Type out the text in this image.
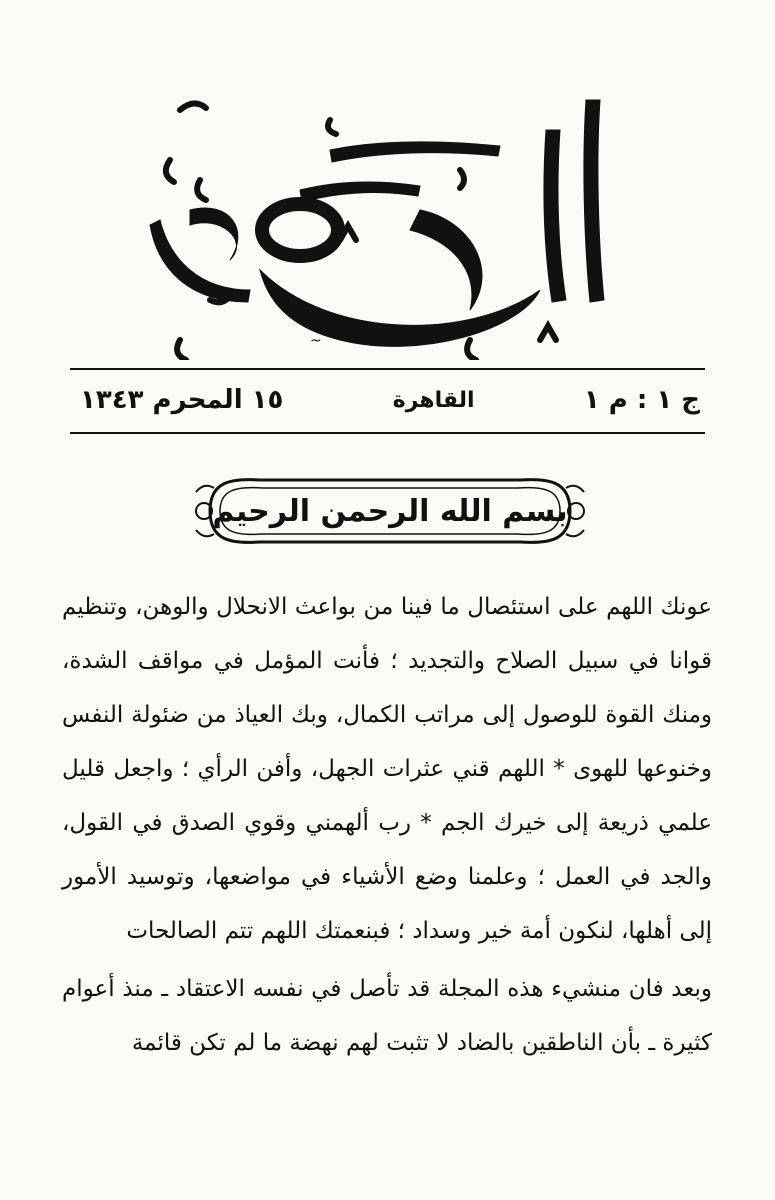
~
ج ١ : م ١
القاهرة
١٥ المحرم ١٣٤٣
بسم الله الرحمن الرحيم

عونك اللهم على استئصال ما فينا من بواعث الانحلال والوهن، وتنظيم قوانا في سبيل الصلاح والتجديد ؛ فأنت المؤمل في مواقف الشدة، ومنك القوة للوصول إلى مراتب الكمال، وبك العياذ من ضئولة النفس وخنوعها للهوى * اللهم قني عثرات الجهل، وأفن الرأي ؛ واجعل قليل علمي ذريعة إلى خيرك الجم * رب ألهمني وقوي الصدق في القول، والجد في العمل ؛ وعلمنا وضع الأشياء في مواضعها، وتوسيد الأمور إلى أهلها، لنكون أمة خير وسداد ؛ فبنعمتك اللهم تتم الصالحات

وبعد فان منشيء هذه المجلة قد تأصل في نفسه الاعتقاد ـ منذ أعوام كثيرة ـ بأن الناطقين بالضاد لا تثبت لهم نهضة ما لم تكن قائمة
